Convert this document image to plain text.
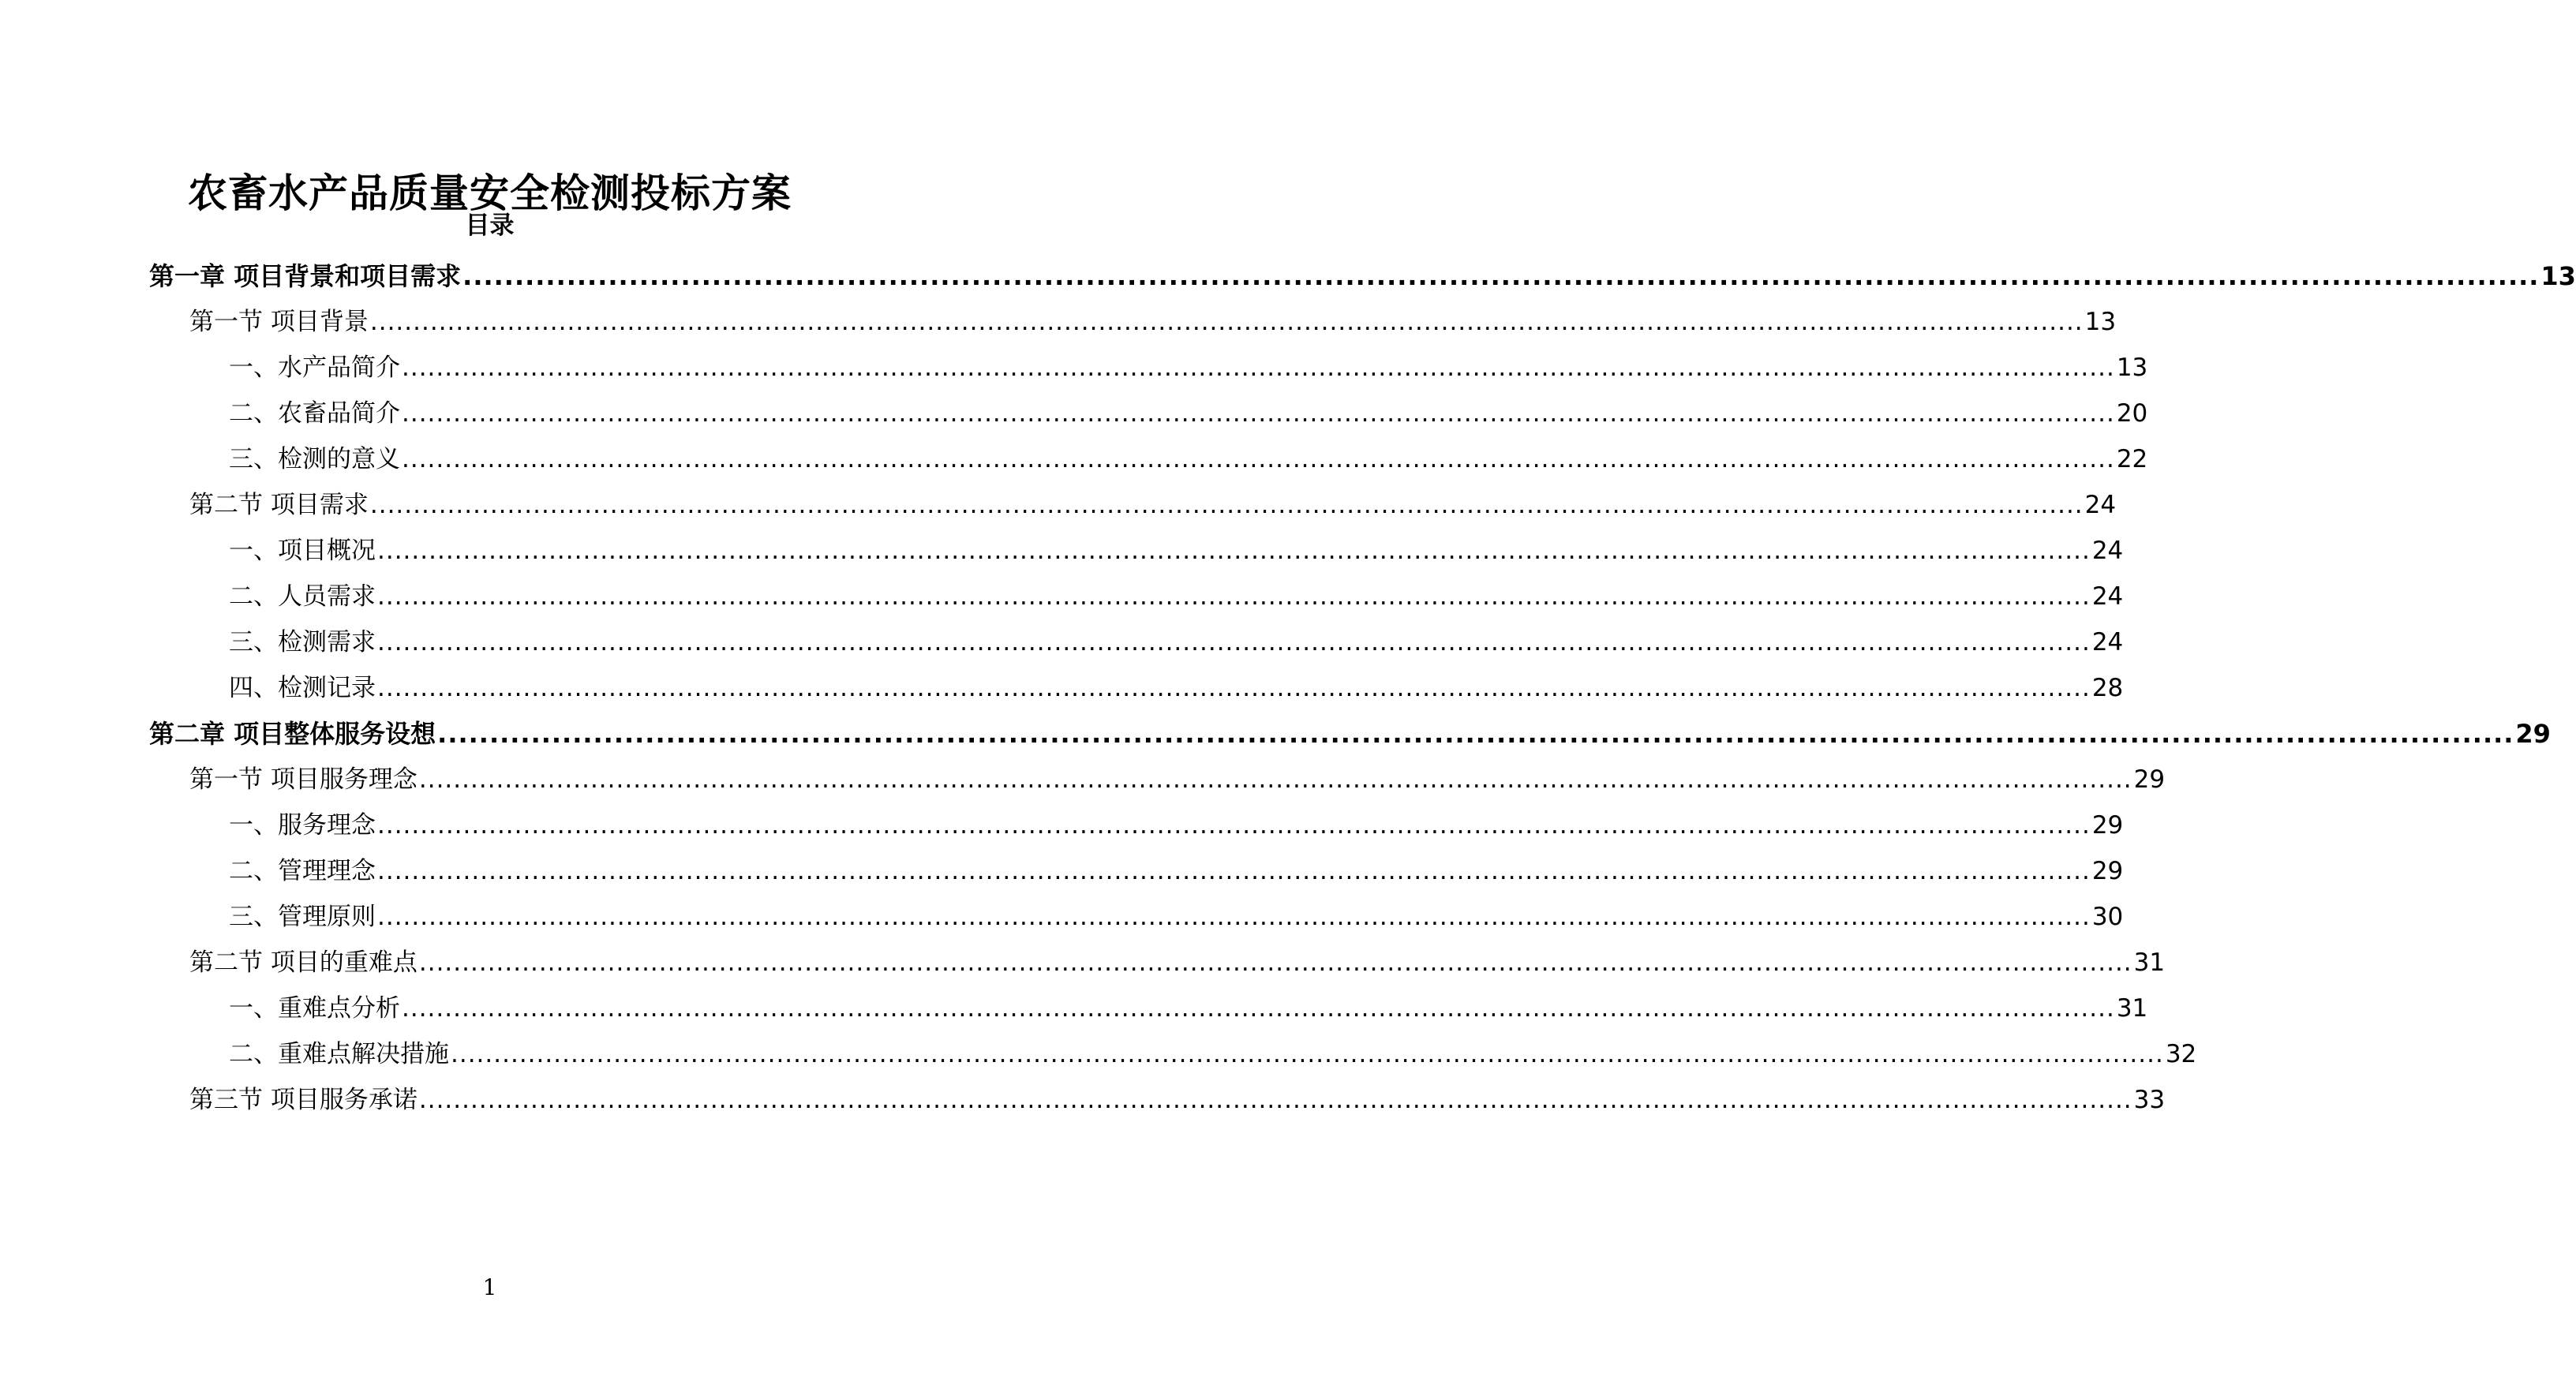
农畜水产品质量安全检测投标方案
目录
第一章 项目背景和项目需求 ........................................................................................................................................................................................................ 13
第一节 项目背景 ........................................................................................................................................................................................................ 13
一、水产品简介 ........................................................................................................................................................................................................ 13
二、农畜品简介 ........................................................................................................................................................................................................ 20
三、检测的意义 ........................................................................................................................................................................................................ 22
第二节 项目需求 ........................................................................................................................................................................................................ 24
一、项目概况 ........................................................................................................................................................................................................ 24
二、人员需求 ........................................................................................................................................................................................................ 24
三、检测需求 ........................................................................................................................................................................................................ 24
四、检测记录 ........................................................................................................................................................................................................ 28
第二章 项目整体服务设想 ........................................................................................................................................................................................................ 29
第一节 项目服务理念 ........................................................................................................................................................................................................ 29
一、服务理念 ........................................................................................................................................................................................................ 29
二、管理理念 ........................................................................................................................................................................................................ 29
三、管理原则 ........................................................................................................................................................................................................ 30
第二节 项目的重难点 ........................................................................................................................................................................................................ 31
一、重难点分析 ........................................................................................................................................................................................................ 31
二、重难点解决措施 ........................................................................................................................................................................................................ 32
第三节 项目服务承诺 ........................................................................................................................................................................................................ 33
1
